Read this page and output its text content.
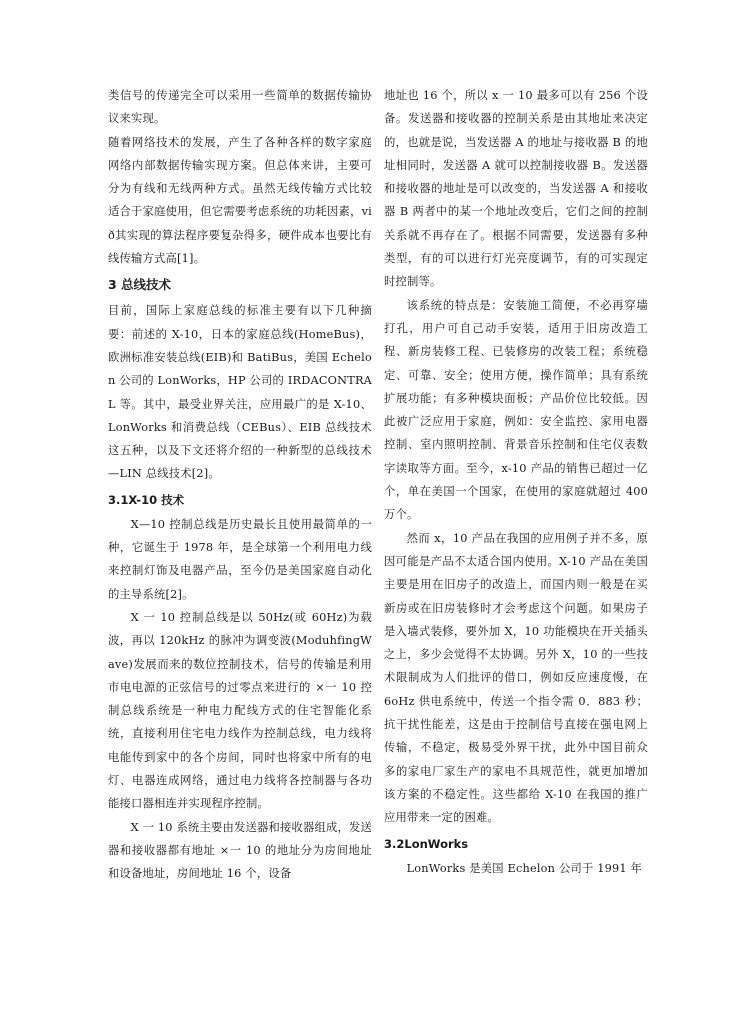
类信号的传递完全可以采用一些简单的数据传输协议来实现。

随着网络技术的发展，产生了各种各样的数字家庭网络内部数据传输实现方案。但总体来讲，主要可分为有线和无线两种方式。虽然无线传输方式比较适合于家庭使用，但它需要考虑系统的功耗因素，við其实现的算法程序要复杂得多，硬件成本也要比有线传输方式高[1]。

3 总线技术

目前，国际上家庭总线的标准主要有以下几种摘要：前述的 X-10，日本的家庭总线(HomeBus)，欧洲标准安装总线(EIB)和 BatiBus，美国 Echelon 公司的 LonWorks，HP 公司的 IRDACONTRAL 等。其中，最受业界关注，应用最广的是 X-10、LonWorks 和消费总线（CEBus）、EIB 总线技术这五种，以及下文还将介绍的一种新型的总线技术—LIN 总线技术[2]。

3.1X-10 技术

X—10 控制总线是历史最长且使用最简单的一种，它诞生于 1978 年，是全球第一个利用电力线来控制灯饰及电器产品，至今仍是美国家庭自动化的主导系统[2]。

X 一 10 控制总线是以 50Hz(或 60Hz)为载波，再以 120kHz 的脉冲为调变波(ModuhfingWave)发展而来的数位控制技术，信号的传输是利用市电电源的正弦信号的过零点来进行的 ×一 10 控制总线系统是一种电力配线方式的住宅智能化系统，直接利用住宅电力线作为控制总线，电力线将电能传到家中的各个房间，同时也将家中所有的电灯、电器连成网络，通过电力线将各控制器与各功能接口器相连并实现程序控制。

X 一 10 系统主要由发送器和接收器组成，发送器和接收器都有地址 ×一 10 的地址分为房间地址和设备地址，房间地址 16 个，设备

地址也 16 个，所以 x 一 10 最多可以有 256 个设备。发送器和接收器的控制关系是由其地址来决定的，也就是说，当发送器 A 的地址与接收器 B 的地址相同时，发送器 A 就可以控制接收器 B。发送器和接收器的地址是可以改变的，当发送器 A 和接收器 B 两者中的某一个地址改变后，它们之间的控制关系就不再存在了。根据不同需要，发送器有多种类型，有的可以进行灯光亮度调节，有的可实现定时控制等。

该系统的特点是：安装施工简便，不必再穿墙打孔，用户可自己动手安装，适用于旧房改造工程、新房装修工程、已装修房的改装工程；系统稳定、可靠、安全；使用方便，操作简单；具有系统扩展功能；有多种模块面板；产品价位比较低。因此被广泛应用于家庭，例如：安全监控、家用电器控制、室内照明控制、背景音乐控制和住宅仪表数字读取等方面。至今，x-10 产品的销售已超过一亿个，单在美国一个国家，在使用的家庭就超过 400 万个。

然而 x，10 产品在我国的应用例子并不多，原因可能是产品不太适合国内使用。X-10 产品在美国主要是用在旧房子的改造上，而国内则一般是在买新房或在旧房装修时才会考虑这个问题。如果房子是入墙式装修，要外加 X，10 功能模块在开关插头之上，多少会觉得不太协调。另外 X，10 的一些技术限制成为人们批评的借口，例如反应速度慢，在 6oHz 供电系统中，传送一个指令需 0．883 秒；抗干扰性能差，这是由于控制信号直接在强电网上传输，不稳定，极易受外界干扰，此外中国目前众多的家电厂家生产的家电不具规范性，就更加增加该方案的不稳定性。这些都给 X-10 在我国的推广应用带来一定的困难。

3.2LonWorks

LonWorks 是美国 Echelon 公司于 1991 年
